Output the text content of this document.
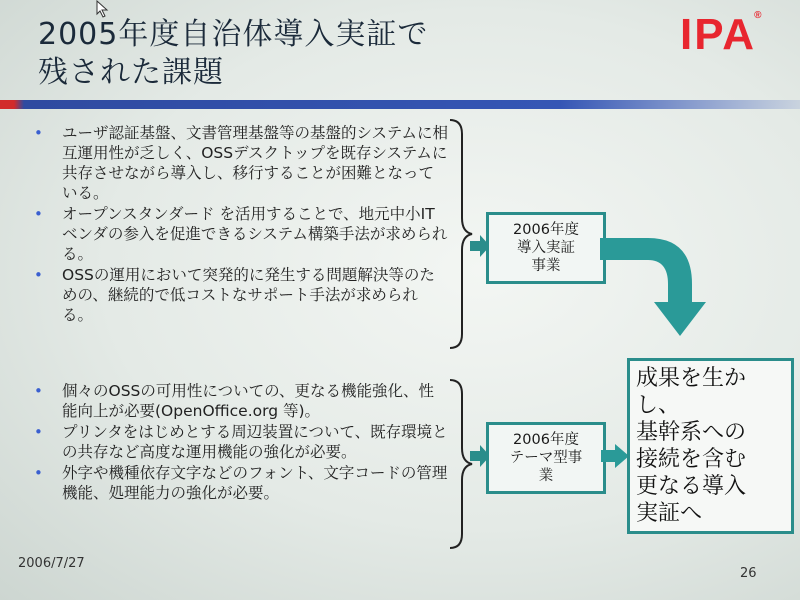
2005年度自治体導入実証で
残された課題
IPA®
• ユーザ認証基盤、文書管理基盤等の基盤的システムに相互運用性が乏しく、OSSデスクトップを既存システムに共存させながら導入し、移行することが困難となっている。
• オープンスタンダード を活用することで、地元中小ITベンダの参入を促進できるシステム構築手法が求められる。
• OSSの運用において突発的に発生する問題解決等のための、継続的で低コストなサポート手法が求められる。
2006年度
導入実証
事業
• 個々のOSSの可用性についての、更なる機能強化、性能向上が必要(OpenOffice.org 等)。
• プリンタをはじめとする周辺装置について、既存環境との共存など高度な運用機能の強化が必要。
• 外字や機種依存文字などのフォント、文字コードの管理機能、処理能力の強化が必要。
2006年度
テーマ型事
業
成果を生か
し、
基幹系への
接続を含む
更なる導入
実証へ
2006/7/27
26
